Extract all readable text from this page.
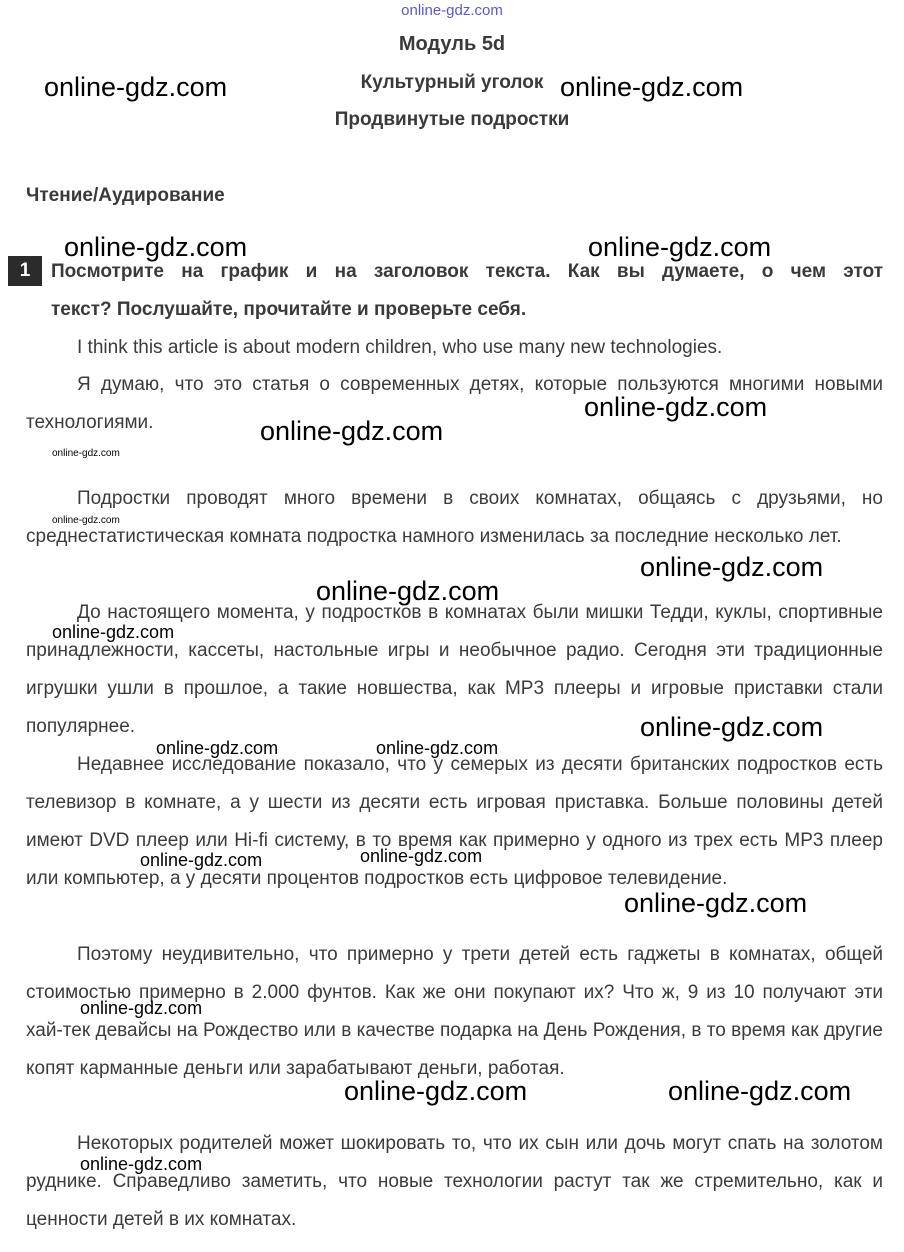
online-gdz.com
Модуль 5d
Культурный уголок
Продвинутые подростки
Чтение/Аудирование
1	Посмотрите на график и на заголовок текста. Как вы думаете, о чем этот
текст? Послушайте, прочитайте и проверьте себя.
I think this article is about modern children, who use many new technologies.
Я думаю, что это статья о современных детях, которые пользуются многими новыми технологиями.
Подростки проводят много времени в своих комнатах, общаясь с друзьями, но среднестатистическая комната подростка намного изменилась за последние несколько лет.
До настоящего момента, у подростков в комнатах были мишки Тедди, куклы, спортивные принадлежности, кассеты, настольные игры и необычное радио. Сегодня эти традиционные игрушки ушли в прошлое, а такие новшества, как MP3 плееры и игровые приставки стали популярнее.
Недавнее исследование показало, что у семерых из десяти британских подростков есть телевизор в комнате, а у шести из десяти есть игровая приставка. Больше половины детей имеют DVD плеер или Hi-fi систему, в то время как примерно у одного из трех есть MP3 плеер или компьютер, а у десяти процентов подростков есть цифровое телевидение.
Поэтому неудивительно, что примерно у трети детей есть гаджеты в комнатах, общей стоимостью примерно в 2.000 фунтов. Как же они покупают их? Что ж, 9 из 10 получают эти хай-тек девайсы на Рождество или в качестве подарка на День Рождения, в то время как другие копят карманные деньги или зарабатывают деньги, работая.
Некоторых родителей может шокировать то, что их сын или дочь могут спать на золотом руднике. Справедливо заметить, что новые технологии растут так же стремительно, как и ценности детей в их комнатах.
online-gdz.com	online-gdz.com
online-gdz.com	online-gdz.com
online-gdz.com
online-gdz.com
online-gdz.com
online-gdz.com
online-gdz.com
online-gdz.com
online-gdz.com
online-gdz.com
online-gdz.com	online-gdz.com
online-gdz.com
online-gdz.com
online-gdz.com
online-gdz.com
online-gdz.com	online-gdz.com
online-gdz.com
